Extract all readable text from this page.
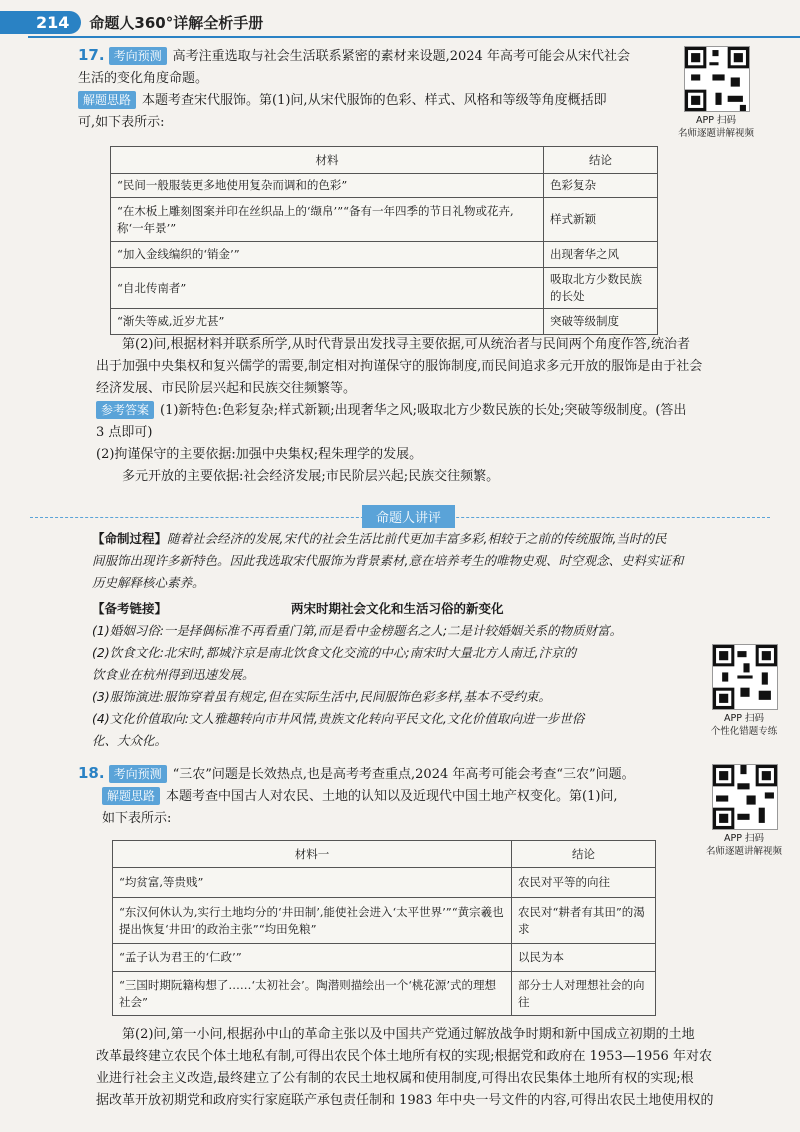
214	命题人360°详解全析手册
17. 考向预测 高考注重选取与社会生活联系紧密的素材来设题,2024 年高考可能会从宋代社会
生活的变化角度命题。
解题思路 本题考查宋代服饰。第(1)问,从宋代服饰的色彩、样式、风格和等级等角度概括即
可,如下表所示:	APP 扫码
名师逐题讲解视频
材料	结论
“民间一般服装更多地使用复杂而调和的色彩”	色彩复杂
“在木板上雕刻图案并印在丝织品上的‘缬帛’”“备有一年四季的节日礼物或花卉,称‘一年景’”	样式新颖
“加入金线编织的‘销金’”	出现奢华之风
“自北传南者”	吸取北方少数民族的长处
“渐失等威,近岁尤甚”	突破等级制度
第(2)问,根据材料并联系所学,从时代背景出发找寻主要依据,可从统治者与民间两个角度作答,统治者
出于加强中央集权和复兴儒学的需要,制定相对拘谨保守的服饰制度,而民间追求多元开放的服饰是由于社会
经济发展、市民阶层兴起和民族交往频繁等。
参考答案 (1)新特色:色彩复杂;样式新颖;出现奢华之风;吸取北方少数民族的长处;突破等级制度。(答出
3 点即可)
(2)拘谨保守的主要依据:加强中央集权;程朱理学的发展。
多元开放的主要依据:社会经济发展;市民阶层兴起;民族交往频繁。
命题人讲评
【命制过程】随着社会经济的发展,宋代的社会生活比前代更加丰富多彩,相较于之前的传统服饰,当时的民
间服饰出现许多新特色。因此我选取宋代服饰为背景素材,意在培养考生的唯物史观、时空观念、史料实证和
历史解释核心素养。
【备考链接】	两宋时期社会文化和生活习俗的新变化
(1)婚姻习俗:一是择偶标准不再看重门第,而是看中金榜题名之人;二是计较婚姻关系的物质财富。
(2)饮食文化:北宋时,都城汴京是南北饮食文化交流的中心;南宋时大量北方人南迁,汴京的
饮食业在杭州得到迅速发展。
(3)服饰演进:服饰穿着虽有规定,但在实际生活中,民间服饰色彩多样,基本不受约束。
(4)文化价值取向:文人雅趣转向市井风情,贵族文化转向平民文化,文化价值取向进一步世俗
化、大众化。
APP 扫码
个性化错题专练
18. 考向预测 “三农”问题是长效热点,也是高考考查重点,2024 年高考可能会考查“三农”问题。
解题思路 本题考查中国古人对农民、土地的认知以及近现代中国土地产权变化。第(1)问,
如下表所示:
APP 扫码
名师逐题讲解视频
材料一	结论
“均贫富,等贵贱”	农民对平等的向往
“东汉何休认为,实行土地均分的‘井田制’,能使社会进入‘太平世界’”“黄宗羲也提出恢复‘井田’的政治主张”“均田免粮”	农民对“耕者有其田”的渴求
“孟子认为君王的‘仁政’”	以民为本
“三国时期阮籍构想了……‘太初社会’。陶潜则描绘出一个‘桃花源’式的理想社会”	部分士人对理想社会的向往
第(2)问,第一小问,根据孙中山的革命主张以及中国共产党通过解放战争时期和新中国成立初期的土地
改革最终建立农民个体土地私有制,可得出农民个体土地所有权的实现;根据党和政府在 1953—1956 年对农
业进行社会主义改造,最终建立了公有制的农民土地权属和使用制度,可得出农民集体土地所有权的实现;根
据改革开放初期党和政府实行家庭联产承包责任制和 1983 年中央一号文件的内容,可得出农民土地使用权的
